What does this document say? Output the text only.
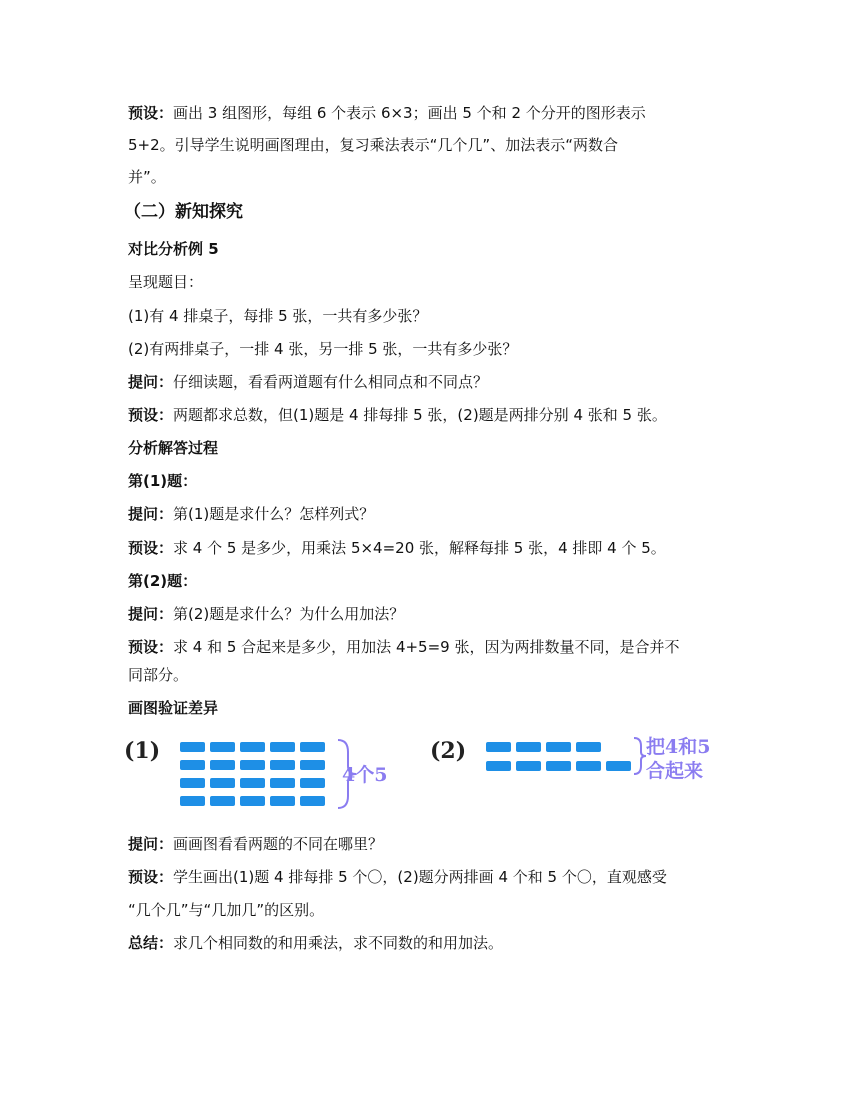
预设：画出 3 组图形，每组 6 个表示 6×3；画出 5 个和 2 个分开的图形表示
5+2。引导学生说明画图理由，复习乘法表示“几个几”、加法表示“两数合
并”。
（二）新知探究
对比分析例 5
呈现题目：
(1)有 4 排桌子，每排 5 张，一共有多少张？
(2)有两排桌子，一排 4 张，另一排 5 张，一共有多少张？
提问：仔细读题，看看两道题有什么相同点和不同点？
预设：两题都求总数，但(1)题是 4 排每排 5 张，(2)题是两排分别 4 张和 5 张。
分析解答过程
第(1)题：
提问：第(1)题是求什么？怎样列式？
预设：求 4 个 5 是多少，用乘法 5×4=20 张，解释每排 5 张，4 排即 4 个 5。
第(2)题：
提问：第(2)题是求什么？为什么用加法？
预设：求 4 和 5 合起来是多少，用加法 4+5=9 张，因为两排数量不同，是合并不
同部分。
画图验证差异
(1)
4个5
(2)	把4和5
合起来
提问：画画图看看两题的不同在哪里？
预设：学生画出(1)题 4 排每排 5 个〇，(2)题分两排画 4 个和 5 个〇，直观感受
“几个几”与“几加几”的区别。
总结：求几个相同数的和用乘法，求不同数的和用加法。
